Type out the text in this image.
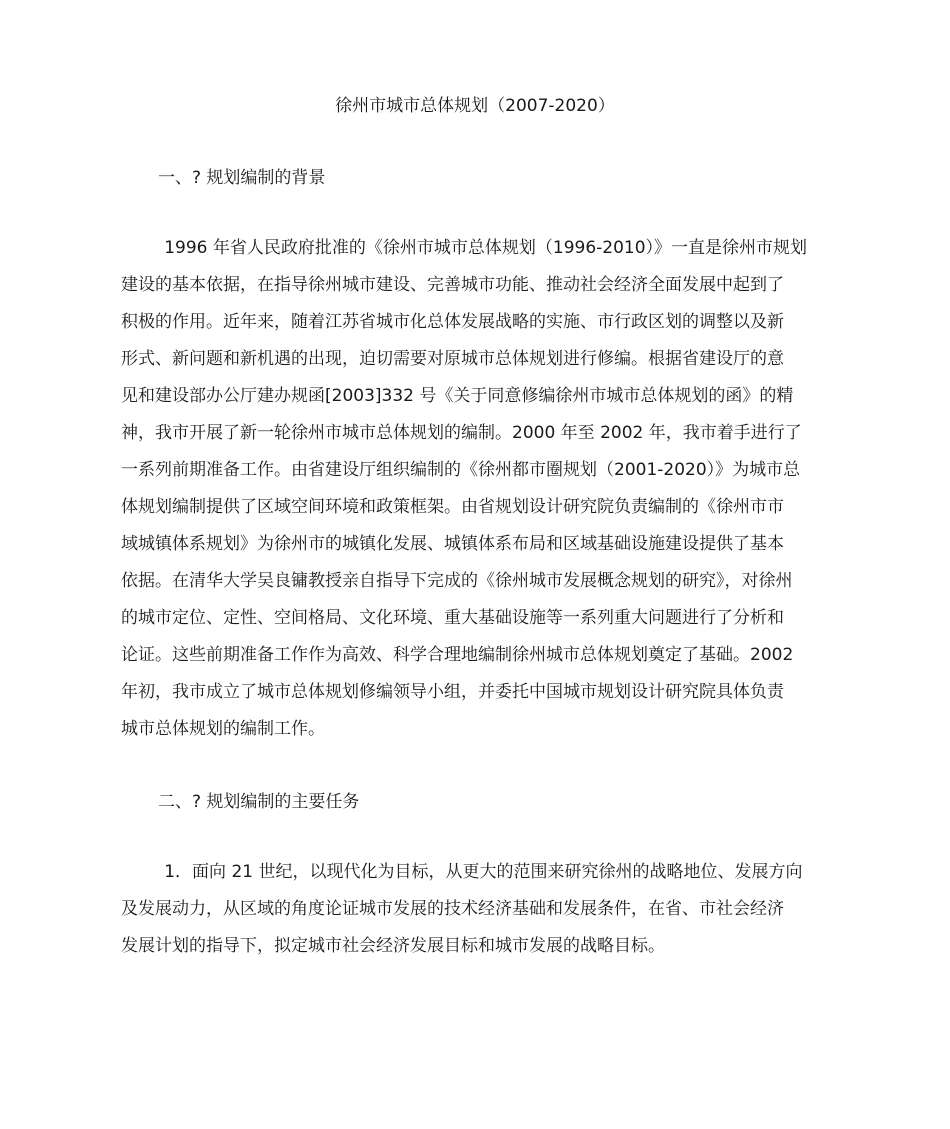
徐州市城市总体规划（2007-2020）
一、? 规划编制的背景
1996 年省人民政府批准的《徐州市城市总体规划（1996-2010）》一直是徐州市规划
建设的基本依据，在指导徐州城市建设、完善城市功能、推动社会经济全面发展中起到了
积极的作用。近年来，随着江苏省城市化总体发展战略的实施、市行政区划的调整以及新
形式、新问题和新机遇的出现，迫切需要对原城市总体规划进行修编。根据省建设厅的意
见和建设部办公厅建办规函[2003]332 号《关于同意修编徐州市城市总体规划的函》的精
神，我市开展了新一轮徐州市城市总体规划的编制。2000 年至 2002 年，我市着手进行了
一系列前期准备工作。由省建设厅组织编制的《徐州都市圈规划（2001-2020）》为城市总
体规划编制提供了区域空间环境和政策框架。由省规划设计研究院负责编制的《徐州市市
域城镇体系规划》为徐州市的城镇化发展、城镇体系布局和区域基础设施建设提供了基本
依据。在清华大学吴良镛教授亲自指导下完成的《徐州城市发展概念规划的研究》，对徐州
的城市定位、定性、空间格局、文化环境、重大基础设施等一系列重大问题进行了分析和
论证。这些前期准备工作作为高效、科学合理地编制徐州城市总体规划奠定了基础。2002
年初，我市成立了城市总体规划修编领导小组，并委托中国城市规划设计研究院具体负责
城市总体规划的编制工作。
二、? 规划编制的主要任务
1．面向 21 世纪，以现代化为目标，从更大的范围来研究徐州的战略地位、发展方向
及发展动力，从区域的角度论证城市发展的技术经济基础和发展条件，在省、市社会经济
发展计划的指导下，拟定城市社会经济发展目标和城市发展的战略目标。
